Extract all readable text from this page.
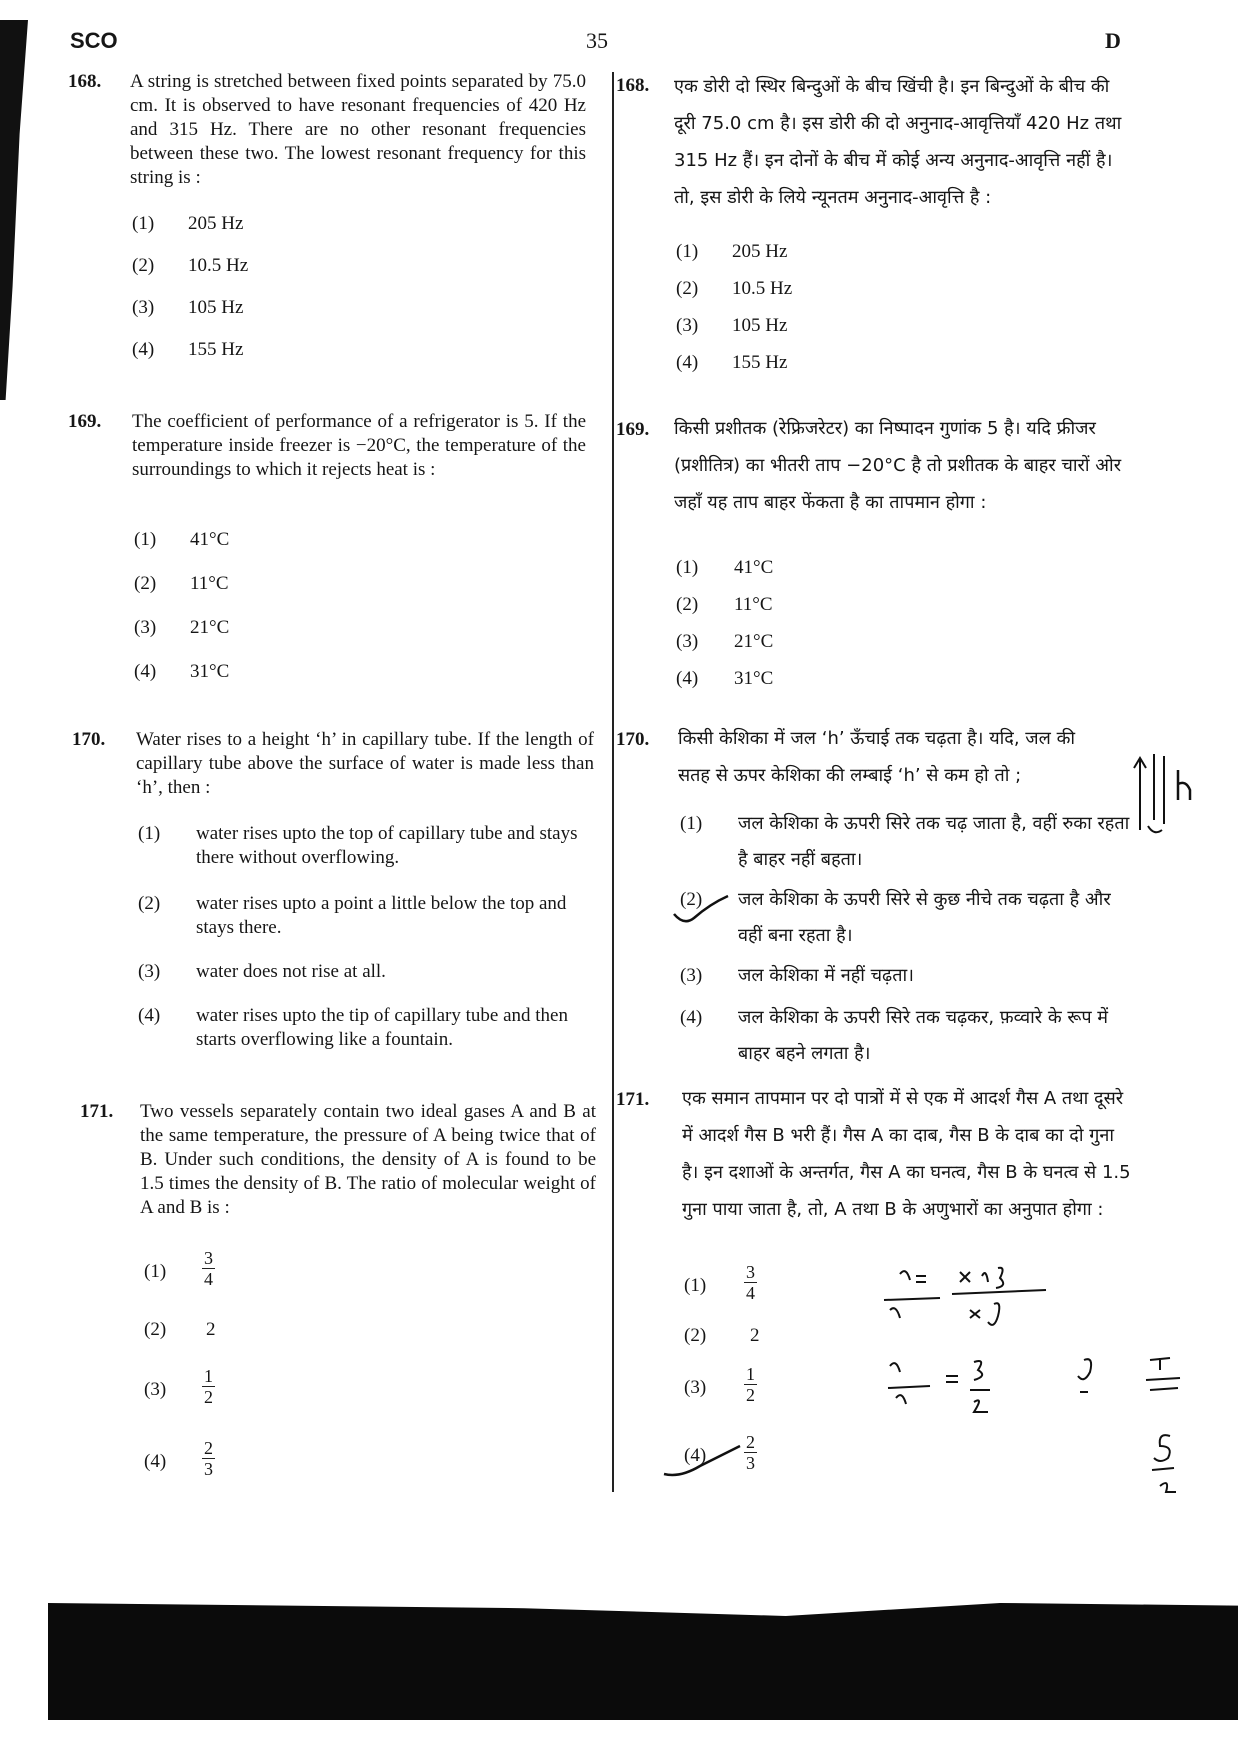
SCO	35	D
168. A string is stretched between fixed points separated by 75.0 cm. It is observed to have resonant frequencies of 420 Hz and 315 Hz. There are no other resonant frequencies between these two. The lowest resonant frequency for this string is :
(1) 205 Hz
(2) 10.5 Hz
(3) 105 Hz
(4) 155 Hz
169. The coefficient of performance of a refrigerator is 5. If the temperature inside freezer is −20°C, the temperature of the surroundings to which it rejects heat is :
(1) 41°C
(2) 11°C
(3) 21°C
(4) 31°C
170. Water rises to a height ‘h’ in capillary tube. If the length of capillary tube above the surface of water is made less than ‘h’, then :
(1) water rises upto the top of capillary tube and stays there without overflowing.
(2) water rises upto a point a little below the top and stays there.
(3) water does not rise at all.
(4) water rises upto the tip of capillary tube and then starts overflowing like a fountain.
171. Two vessels separately contain two ideal gases A and B at the same temperature, the pressure of A being twice that of B. Under such conditions, the density of A is found to be 1.5 times the density of B. The ratio of molecular weight of A and B is :
(1)
3
4
(2) 2
(3)
1
2
(4)
2
3
168. एक डोरी दो स्थिर बिन्दुओं के बीच खिंची है। इन बिन्दुओं के बीच की दूरी 75.0 cm है। इस डोरी की दो अनुनाद-आवृत्तियाँ 420 Hz तथा 315 Hz हैं। इन दोनों के बीच में कोई अन्य अनुनाद-आवृत्ति नहीं है। तो, इस डोरी के लिये न्यूनतम अनुनाद-आवृत्ति है :
(1) 205 Hz
(2) 10.5 Hz
(3) 105 Hz
(4) 155 Hz
169. किसी प्रशीतक (रेफ्रिजरेटर) का निष्पादन गुणांक 5 है। यदि फ्रीजर (प्रशीतित्र) का भीतरी ताप −20°C है तो प्रशीतक के बाहर चारों ओर जहाँ यह ताप बाहर फेंकता है का तापमान होगा :
(1) 41°C
(2) 11°C
(3) 21°C
(4) 31°C
170. किसी केशिका में जल ‘h’ ऊँचाई तक चढ़ता है। यदि, जल की सतह से ऊपर केशिका की लम्बाई ‘h’ से कम हो तो ;
(1) जल केशिका के ऊपरी सिरे तक चढ़ जाता है, वहीं रुका रहता है बाहर नहीं बहता।
(2) जल केशिका के ऊपरी सिरे से कुछ नीचे तक चढ़ता है और वहीं बना रहता है।
(3) जल केशिका में नहीं चढ़ता।
(4) जल केशिका के ऊपरी सिरे तक चढ़कर, फ़व्वारे के रूप में बाहर बहने लगता है।
171. एक समान तापमान पर दो पात्रों में से एक में आदर्श गैस A तथा दूसरे में आदर्श गैस B भरी हैं। गैस A का दाब, गैस B के दाब का दो गुना है। इन दशाओं के अन्तर्गत, गैस A का घनत्व, गैस B के घनत्व से 1.5 गुना पाया जाता है, तो, A तथा B के अणुभारों का अनुपात होगा :
(1)
3
4
(2) 2
(3)
1
2
(4)
2
3
